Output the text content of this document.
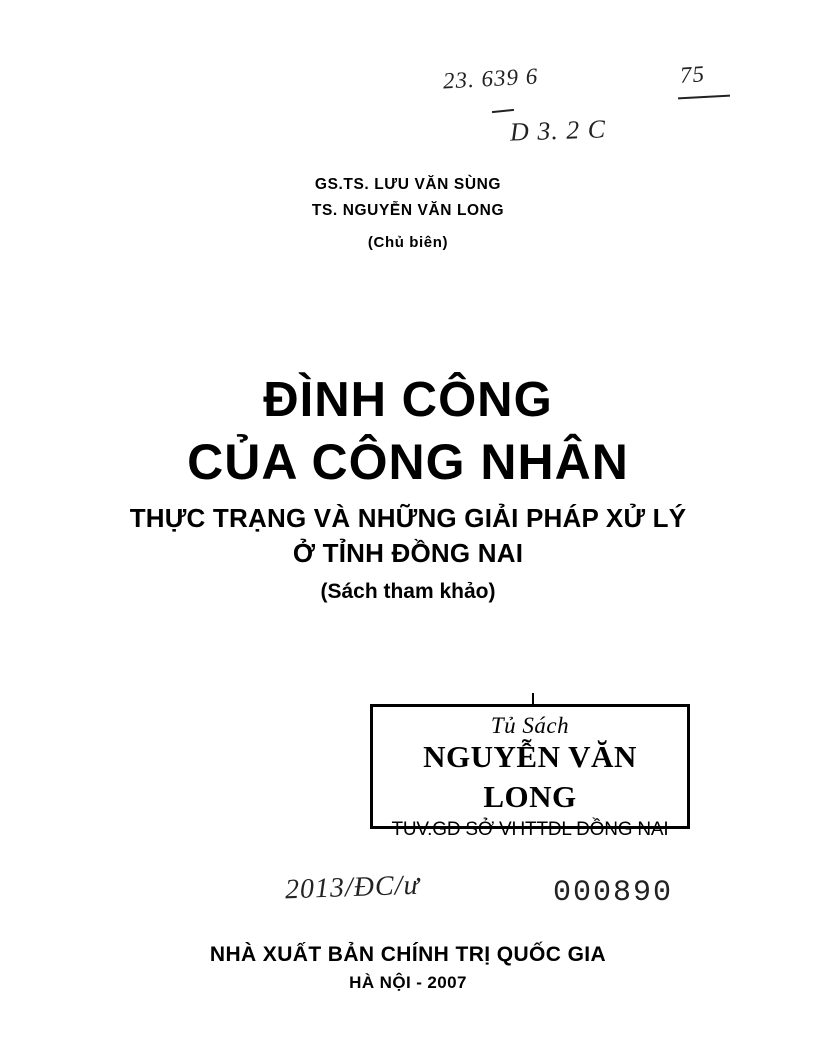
23. 639 6	75
D 3. 2 C
GS.TS. LƯU VĂN SÙNG
TS. NGUYỄN VĂN LONG
(Chủ biên)
ĐÌNH CÔNG
CỦA CÔNG NHÂN
THỰC TRẠNG VÀ NHỮNG GIẢI PHÁP XỬ LÝ
Ở TỈNH ĐỒNG NAI
(Sách tham khảo)
Tủ Sách
NGUYỄN VĂN LONG
TUV.GĐ SỞ VHTTDL ĐỒNG NAI
2013/ĐC/ư	000890
NHÀ XUẤT BẢN CHÍNH TRỊ QUỐC GIA
HÀ NỘI - 2007
